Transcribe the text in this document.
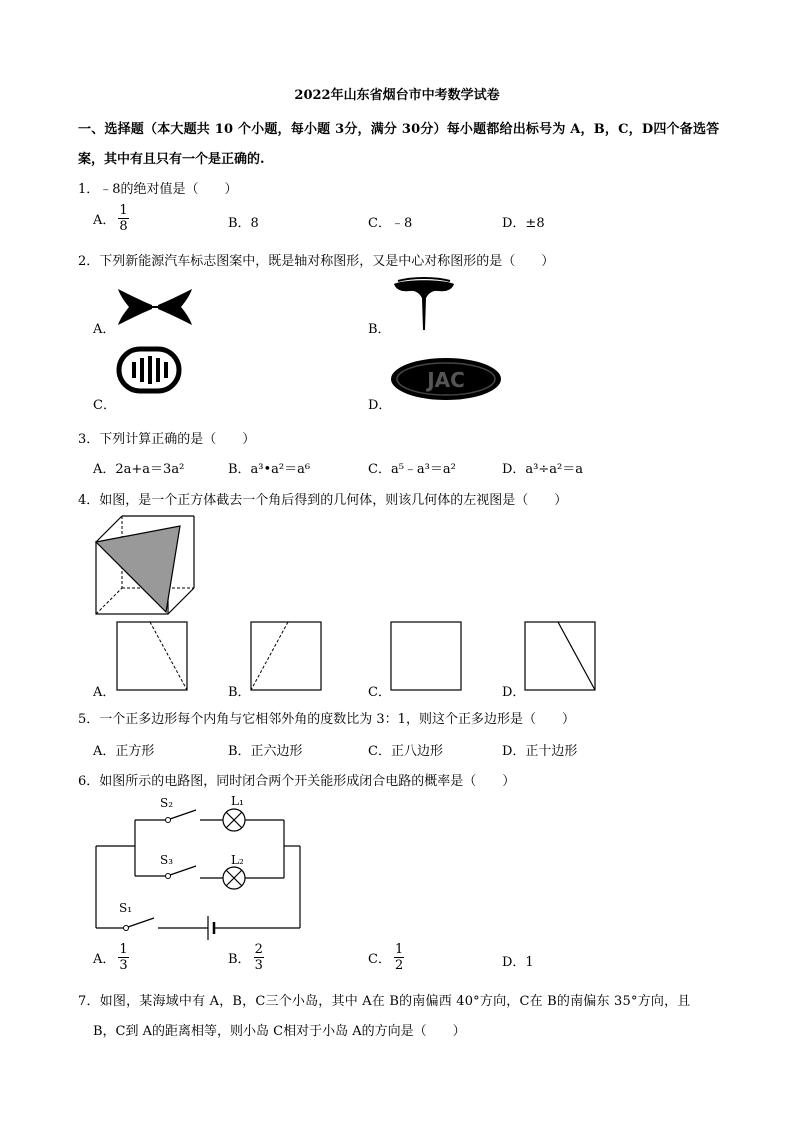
2022年山东省烟台市中考数学试卷
一、选择题（本大题共 10 个小题，每小题 3分，满分 30分）每小题都给出标号为 A，B，C，D四个备选答
案，其中有且只有一个是正确的.
1．﹣8的绝对值是（　　）
A． $\frac{1}{8}$	B．8	C．﹣8	D．±8
2．下列新能源汽车标志图案中，既是轴对称图形，又是中心对称图形的是（　　）
A．	B．
C．	D．
JAC
3．下列计算正确的是（　　）
A．2a+a＝3a²	B．a³•a²＝a⁶	C．a⁵﹣a³＝a²	D．a³÷a²＝a
4．如图，是一个正方体截去一个角后得到的几何体，则该几何体的左视图是（　　）
A．	B．	C．	D．
5．一个正多边形每个内角与它相邻外角的度数比为 3：1，则这个正多边形是（　　）
A．正方形	B．正六边形	C．正八边形	D．正十边形
6．如图所示的电路图，同时闭合两个开关能形成闭合电路的概率是（　　）
S₂	L₁
S₃	L₂
S₁
A． $\frac{1}{3}$	B． $\frac{2}{3}$	C． $\frac{1}{2}$	D．1
7．如图，某海域中有 A，B，C三个小岛，其中 A在 B的南偏西 40°方向，C在 B的南偏东 35°方向，且
B，C到 A的距离相等，则小岛 C相对于小岛 A的方向是（　　）
